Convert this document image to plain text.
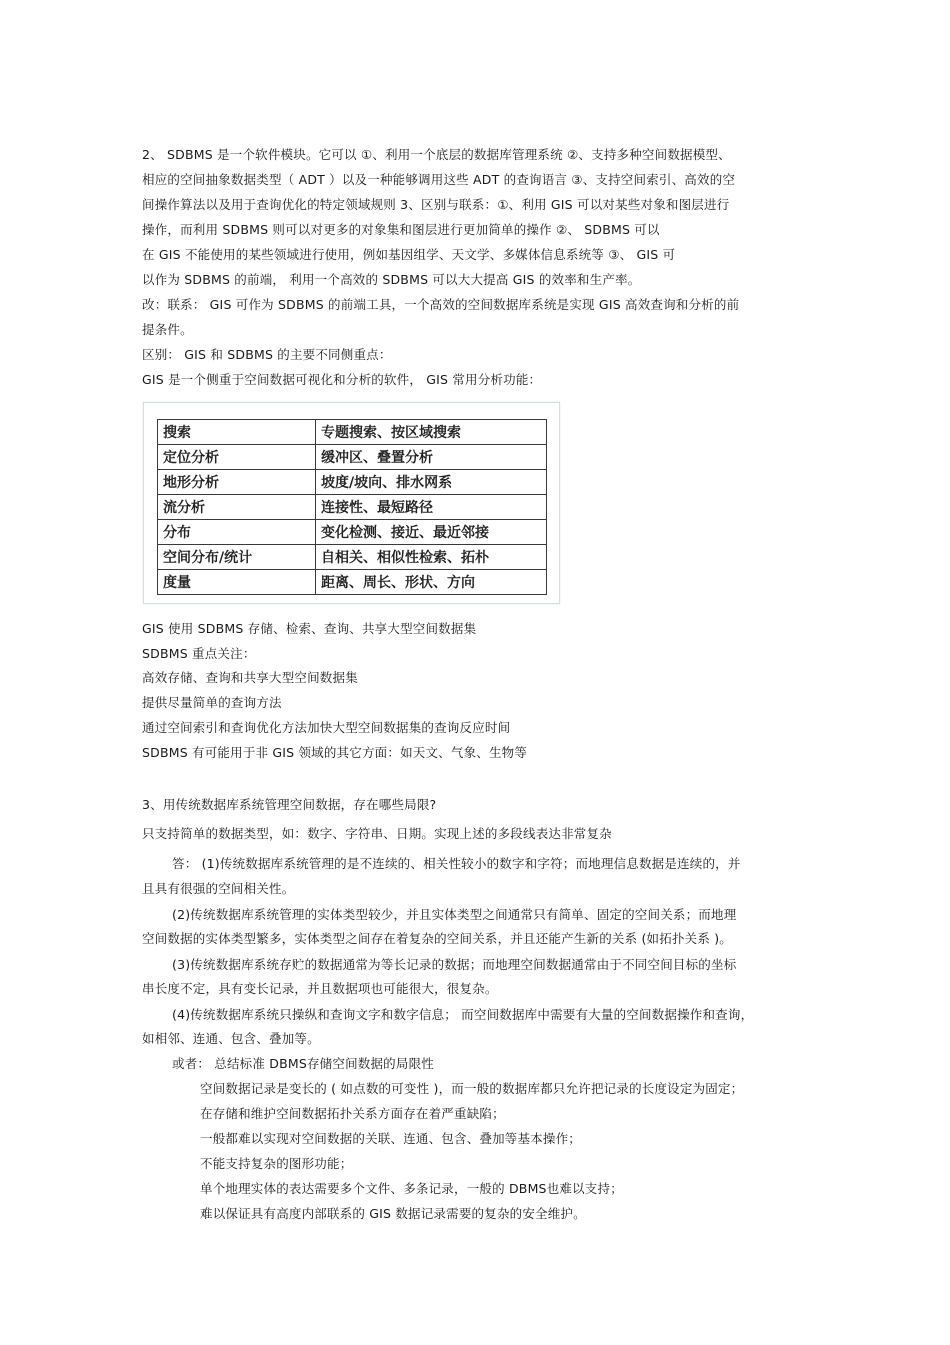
2、 SDBMS 是一个软件模块。它可以 ①、利用一个底层的数据库管理系统 ②、支持多种空间数据模型、
相应的空间抽象数据类型（ ADT ）以及一种能够调用这些 ADT 的查询语言 ③、支持空间索引、高效的空
间操作算法以及用于查询优化的特定领域规则 3、区别与联系：①、利用 GIS 可以对某些对象和图层进行
操作，而利用 SDBMS 则可以对更多的对象集和图层进行更加简单的操作 ②、 SDBMS 可以
在 GIS 不能使用的某些领域进行使用，例如基因组学、天文学、多媒体信息系统等 ③、 GIS 可
以作为 SDBMS 的前端， 利用一个高效的 SDBMS 可以大大提高 GIS 的效率和生产率。
改：联系： GIS 可作为 SDBMS 的前端工具，一个高效的空间数据库系统是实现 GIS 高效查询和分析的前
提条件。
区别： GIS 和 SDBMS 的主要不同侧重点：
GIS 是一个侧重于空间数据可视化和分析的软件， GIS 常用分析功能：
搜索	专题搜索、按区域搜索
定位分析	缓冲区、叠置分析
地形分析	坡度/坡向、排水网系
流分析	连接性、最短路径
分布	变化检测、接近、最近邻接
空间分布/统计	自相关、相似性检索、拓朴
度量	距离、周长、形状、方向
GIS 使用 SDBMS 存储、检索、查询、共享大型空间数据集
SDBMS 重点关注：
高效存储、查询和共享大型空间数据集
提供尽量简单的查询方法
通过空间索引和查询优化方法加快大型空间数据集的查询反应时间
SDBMS 有可能用于非 GIS 领域的其它方面：如天文、气象、生物等
3、用传统数据库系统管理空间数据，存在哪些局限?
只支持简单的数据类型，如：数字、字符串、日期。实现上述的多段线表达非常复杂
答： (1)传统数据库系统管理的是不连续的、相关性较小的数字和字符；而地理信息数据是连续的，并
且具有很强的空间相关性。
(2)传统数据库系统管理的实体类型较少，并且实体类型之间通常只有简单、固定的空间关系；而地理
空间数据的实体类型繁多，实体类型之间存在着复杂的空间关系，并且还能产生新的关系 (如拓扑关系 )。
(3)传统数据库系统存贮的数据通常为等长记录的数据；而地理空间数据通常由于不同空间目标的坐标
串长度不定，具有变长记录，并且数据项也可能很大，很复杂。
(4)传统数据库系统只操纵和查询文字和数字信息； 而空间数据库中需要有大量的空间数据操作和查询，
如相邻、连通、包含、叠加等。
或者： 总结标准 DBMS存储空间数据的局限性
空间数据记录是变长的 ( 如点数的可变性 )，而一般的数据库都只允许把记录的长度设定为固定；
在存储和维护空间数据拓扑关系方面存在着严重缺陷；
一般都难以实现对空间数据的关联、连通、包含、叠加等基本操作；
不能支持复杂的图形功能；
单个地理实体的表达需要多个文件、多条记录，一般的 DBMS也难以支持；
难以保证具有高度内部联系的 GIS 数据记录需要的复杂的安全维护。
